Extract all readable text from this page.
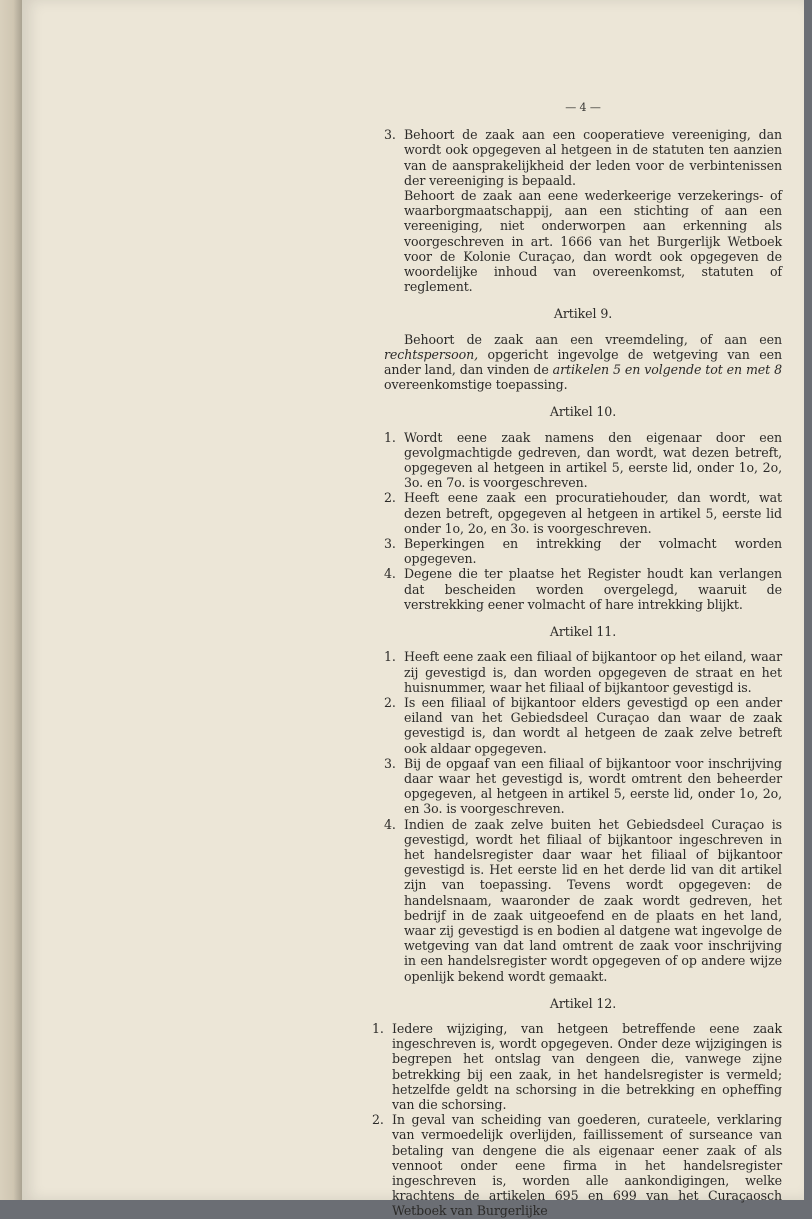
— 4 —
3. Behoort de zaak aan een cooperatieve vereeniging, dan wordt ook opgegeven al hetgeen in de statuten ten aanzien van de aansprakelijkheid der leden voor de verbintenissen der vereeniging is bepaald.

Behoort de zaak aan eene wederkeerige verzekerings- of waarborgmaatschappij, aan een stichting of aan een vereeniging, niet onderworpen aan erkenning als voorgeschreven in art. 1666 van het Burgerlijk Wetboek voor de Kolonie Curaçao, dan wordt ook opgegeven de woordelijke inhoud van overeenkomst, statuten of reglement.

Artikel 9.

Behoort de zaak aan een vreemdeling, of aan een rechtspersoon, opgericht ingevolge de wetgeving van een ander land, dan vinden de artikelen 5 en volgende tot en met 8 overeenkomstige toepassing.

Artikel 10.
1. Wordt eene zaak namens den eigenaar door een gevolgmachtigde gedreven, dan wordt, wat dezen betreft, opgegeven al hetgeen in artikel 5, eerste lid, onder 1o, 2o, 3o. en 7o. is voorgeschreven.
2. Heeft eene zaak een procuratiehouder, dan wordt, wat dezen betreft, opgegeven al hetgeen in artikel 5, eerste lid onder 1o, 2o, en 3o. is voorgeschreven.
3. Beperkingen en intrekking der volmacht worden opgegeven.
4. Degene die ter plaatse het Register houdt kan verlangen dat bescheiden worden overgelegd, waaruit de verstrekking eener volmacht of hare intrekking blijkt.
Artikel 11.
1. Heeft eene zaak een filiaal of bijkantoor op het eiland, waar zij gevestigd is, dan worden opgegeven de straat en het huisnummer, waar het filiaal of bijkantoor gevestigd is.
2. Is een filiaal of bijkantoor elders gevestigd op een ander eiland van het Gebiedsdeel Curaçao dan waar de zaak gevestigd is, dan wordt al hetgeen de zaak zelve betreft ook aldaar opgegeven.
3. Bij de opgaaf van een filiaal of bijkantoor voor inschrijving daar waar het gevestigd is, wordt omtrent den beheerder opgegeven, al hetgeen in artikel 5, eerste lid, onder 1o, 2o, en 3o. is voorgeschreven.
4. Indien de zaak zelve buiten het Gebiedsdeel Curaçao is gevestigd, wordt het filiaal of bijkantoor ingeschreven in het handelsregister daar waar het filiaal of bijkantoor gevestigd is. Het eerste lid en het derde lid van dit artikel zijn van toepassing. Tevens wordt opgegeven: de handelsnaam, waaronder de zaak wordt gedreven, het bedrijf in de zaak uitgeoefend en de plaats en het land, waar zij gevestigd is en bodien al datgene wat ingevolge de wetgeving van dat land omtrent de zaak voor inschrijving in een handelsregister wordt opgegeven of op andere wijze openlijk bekend wordt gemaakt.
Artikel 12.
1. Iedere wijziging, van hetgeen betreffende eene zaak ingeschreven is, wordt opgegeven. Onder deze wijzigingen is begrepen het ontslag van dengeen die, vanwege zijne betrekking bij een zaak, in het handelsregister is vermeld; hetzelfde geldt na schorsing in die betrekking en opheffing van die schorsing.
2. In geval van scheiding van goederen, curateele, verklaring van vermoedelijk overlijden, faillissement of surseance van betaling van dengene die als eigenaar eener zaak of als vennoot onder eene firma in het handelsregister ingeschreven is, worden alle aankondigingen, welke krachtens de artikelen 695 en 699 van het Curaçaosch Wetboek van Burgerlijke
